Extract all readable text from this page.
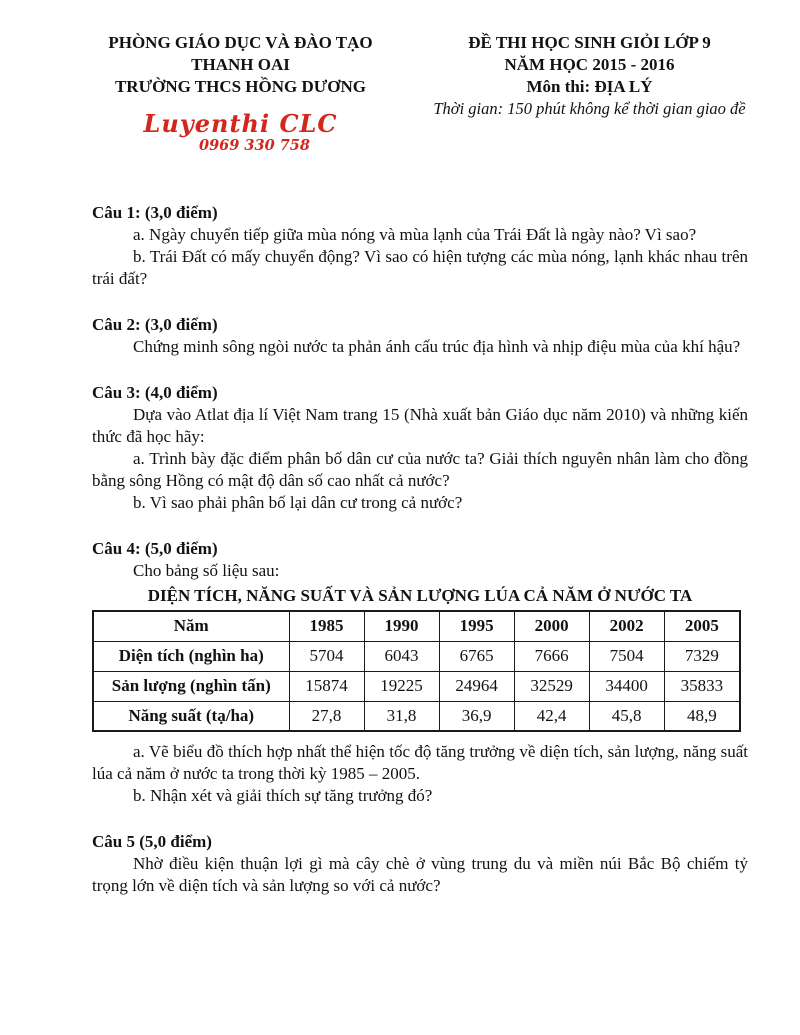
PHÒNG GIÁO DỤC VÀ ĐÀO TẠO
THANH OAI
TRƯỜNG THCS HỒNG DƯƠNG
Luyenthi CLC
0969 330 758
ĐỀ THI HỌC SINH GIỎI LỚP 9
NĂM HỌC 2015 - 2016
Môn thi: ĐỊA LÝ
Thời gian: 150 phút không kể thời gian giao đề
Câu 1: (3,0 điểm)

a. Ngày chuyển tiếp giữa mùa nóng và mùa lạnh của Trái Đất là ngày nào? Vì sao?

b. Trái Đất có mấy chuyển động? Vì sao có hiện tượng các mùa nóng, lạnh khác nhau trên trái đất?

Câu 2: (3,0 điểm)

Chứng minh sông ngòi nước ta phản ánh cấu trúc địa hình và nhịp điệu mùa của khí hậu?

Câu 3: (4,0 điểm)

Dựa vào Atlat địa lí Việt Nam trang 15 (Nhà xuất bản Giáo dục năm 2010) và những kiến thức đã học hãy:

a. Trình bày đặc điểm phân bố dân cư của nước ta? Giải thích nguyên nhân làm cho đồng bằng sông Hồng có mật độ dân số cao nhất cả nước?

b. Vì sao phải phân bố lại dân cư trong cả nước?

Câu 4: (5,0 điểm)

Cho bảng số liệu sau:

DIỆN TÍCH, NĂNG SUẤT VÀ SẢN LƯỢNG LÚA CẢ NĂM Ở NƯỚC TA
Năm	1985	1990	1995	2000	2002	2005
Diện tích (nghìn ha)	5704	6043	6765	7666	7504	7329
Sản lượng (nghìn tấn)	15874	19225	24964	32529	34400	35833
Năng suất (tạ/ha)	27,8	31,8	36,9	42,4	45,8	48,9

a. Vẽ biểu đồ thích hợp nhất thể hiện tốc độ tăng trưởng về diện tích, sản lượng, năng suất lúa cả năm ở nước ta trong thời kỳ 1985 – 2005.

b. Nhận xét và giải thích sự tăng trưởng đó?

Câu 5 (5,0 điểm)

Nhờ điều kiện thuận lợi gì mà cây chè ở vùng trung du và miền núi Bắc Bộ chiếm tỷ trọng lớn về diện tích và sản lượng so với cả nước?
